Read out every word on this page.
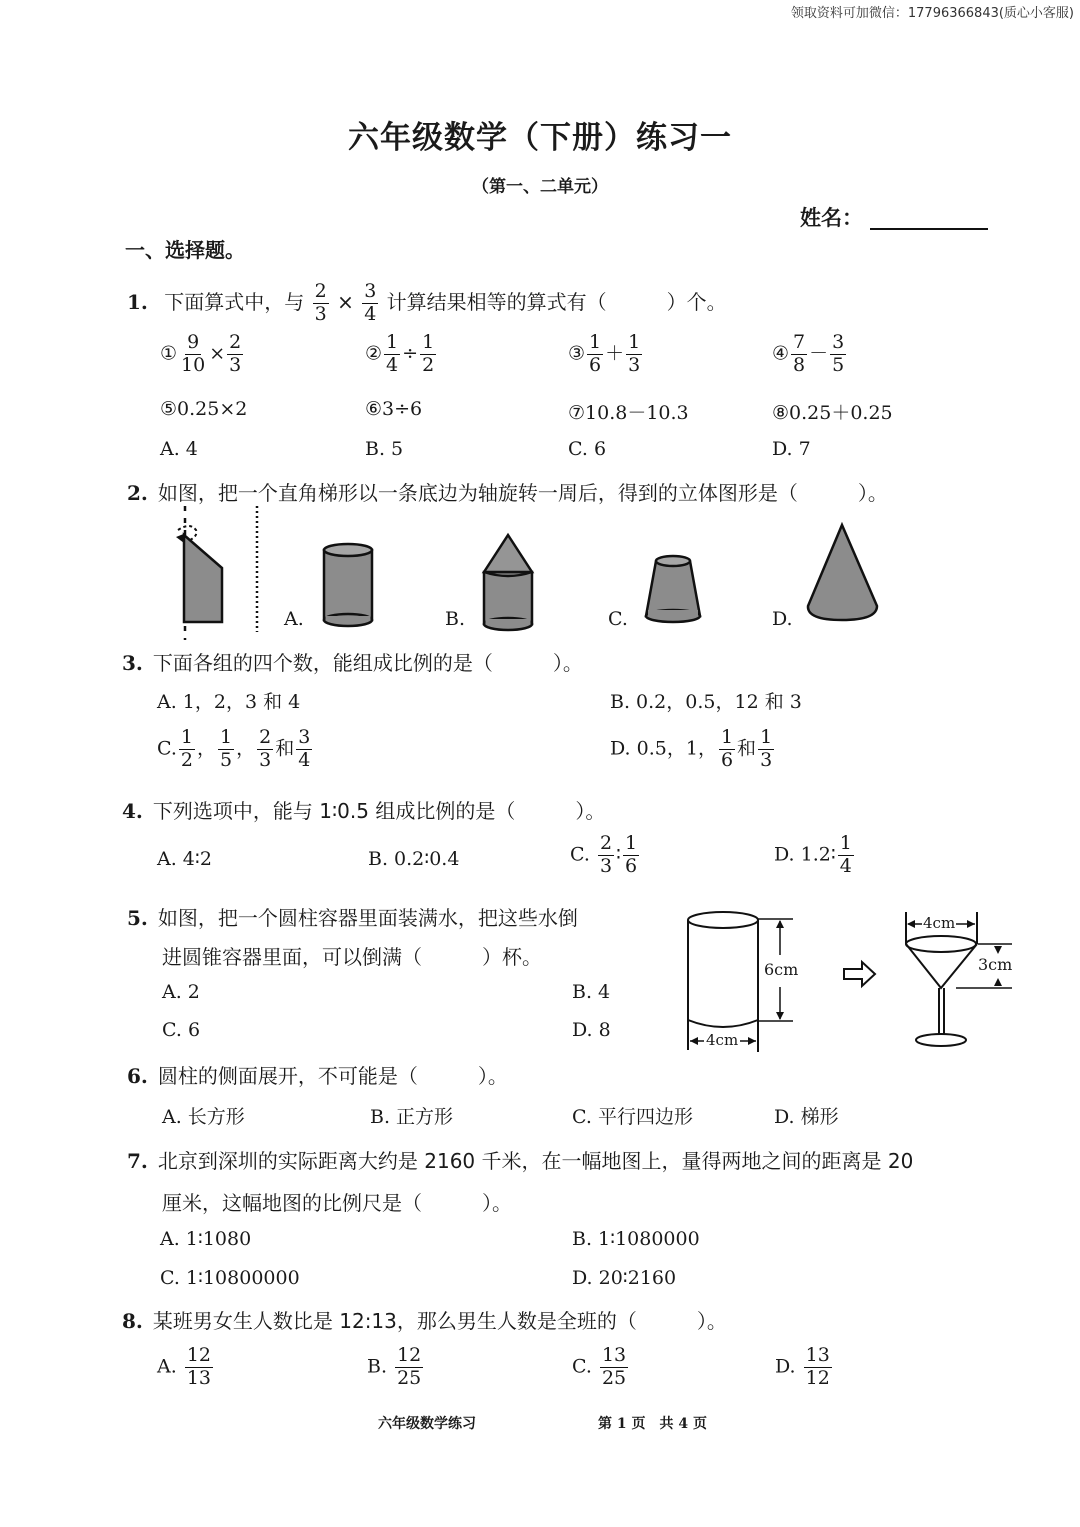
领取资料可加微信：17796366843(质心小客服)
六年级数学（下册）练习一
（第一、二单元）
姓名：
一、选择题。
1. 下面算式中，与 $\frac{2}{3} \times \frac{3}{4}$ 计算结果相等的算式有（　　　）个。
① $\frac{9}{10} \times \frac{2}{3}$	② $\frac{1}{4} \div \frac{1}{2}$	③ $\frac{1}{6} + \frac{1}{3}$	④ $\frac{7}{8} - \frac{3}{5}$
⑤0.25×2	⑥3÷6	⑦10.8－10.3	⑧0.25＋0.25
A. 4	B. 5	C. 6	D. 7
2. 如图，把一个直角梯形以一条底边为轴旋转一周后，得到的立体图形是（　　　）。
A.	B.	C.	D.
3. 下面各组的四个数，能组成比例的是（　　　）。
A. 1，2，3 和 4	B. 0.2，0.5，12 和 3
C. $\frac{1}{2}$ ， $\frac{1}{5}$ ， $\frac{2}{3}$ 和 $\frac{3}{4}$	D. 0.5，1， $\frac{1}{6}$ 和 $\frac{1}{3}$
4. 下列选项中，能与 1∶0.5 组成比例的是（　　　）。
A. 4∶2	B. 0.2∶0.4	C. $\frac{2}{3}$ ∶ $\frac{1}{6}$	D. 1.2∶ $\frac{1}{4}$
5. 如图，把一个圆柱容器里面装满水，把这些水倒
进圆锥容器里面，可以倒满（　　　）杯。
A. 2	B. 4
C. 6	D. 8
6cm
4cm
4cm
3cm
6. 圆柱的侧面展开，不可能是（　　　）。
A. 长方形	B. 正方形	C. 平行四边形	D. 梯形
7. 北京到深圳的实际距离大约是 2160 千米，在一幅地图上，量得两地之间的距离是 20
厘米，这幅地图的比例尺是（　　　）。
A. 1∶1080	B. 1∶1080000
C. 1∶10800000	D. 20∶2160
8. 某班男女生人数比是 12:13，那么男生人数是全班的（　　　）。
A. $\frac{12}{13}$	B. $\frac{12}{25}$	C. $\frac{13}{25}$	D. $\frac{13}{12}$
六年级数学练习	第 1 页　共 4 页
